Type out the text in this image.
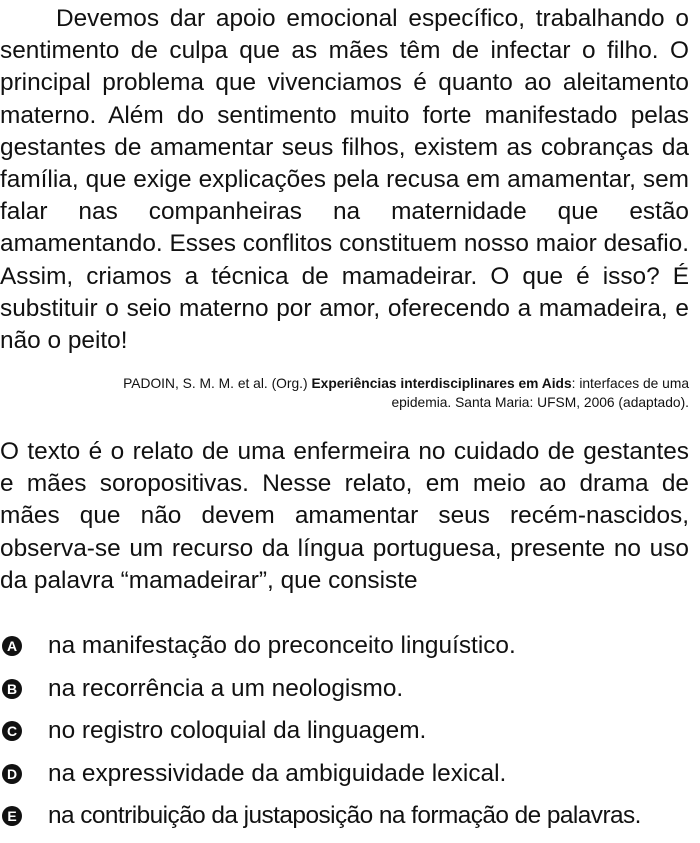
Devemos dar apoio emocional específico, trabalhando o sentimento de culpa que as mães têm de infectar o filho. O principal problema que vivenciamos é quanto ao aleitamento materno. Além do sentimento muito forte manifestado pelas gestantes de amamentar seus filhos, existem as cobranças da família, que exige explicações pela recusa em amamentar, sem falar nas companheiras na maternidade que estão amamentando. Esses conflitos constituem nosso maior desafio. Assim, criamos a técnica de mamadeirar. O que é isso? É substituir o seio materno por amor, oferecendo a mamadeira, e não o peito!

PADOIN, S. M. M. et al. (Org.) Experiências interdisciplinares em Aids: interfaces de uma epidemia. Santa Maria: UFSM, 2006 (adaptado).

O texto é o relato de uma enfermeira no cuidado de gestantes e mães soropositivas. Nesse relato, em meio ao drama de mães que não devem amamentar seus recém-nascidos, observa-se um recurso da língua portuguesa, presente no uso da palavra “mamadeirar”, que consiste

A na manifestação do preconceito linguístico.
B na recorrência a um neologismo.
C no registro coloquial da linguagem.
D na expressividade da ambiguidade lexical.
E na contribuição da justaposição na formação de palavras.
